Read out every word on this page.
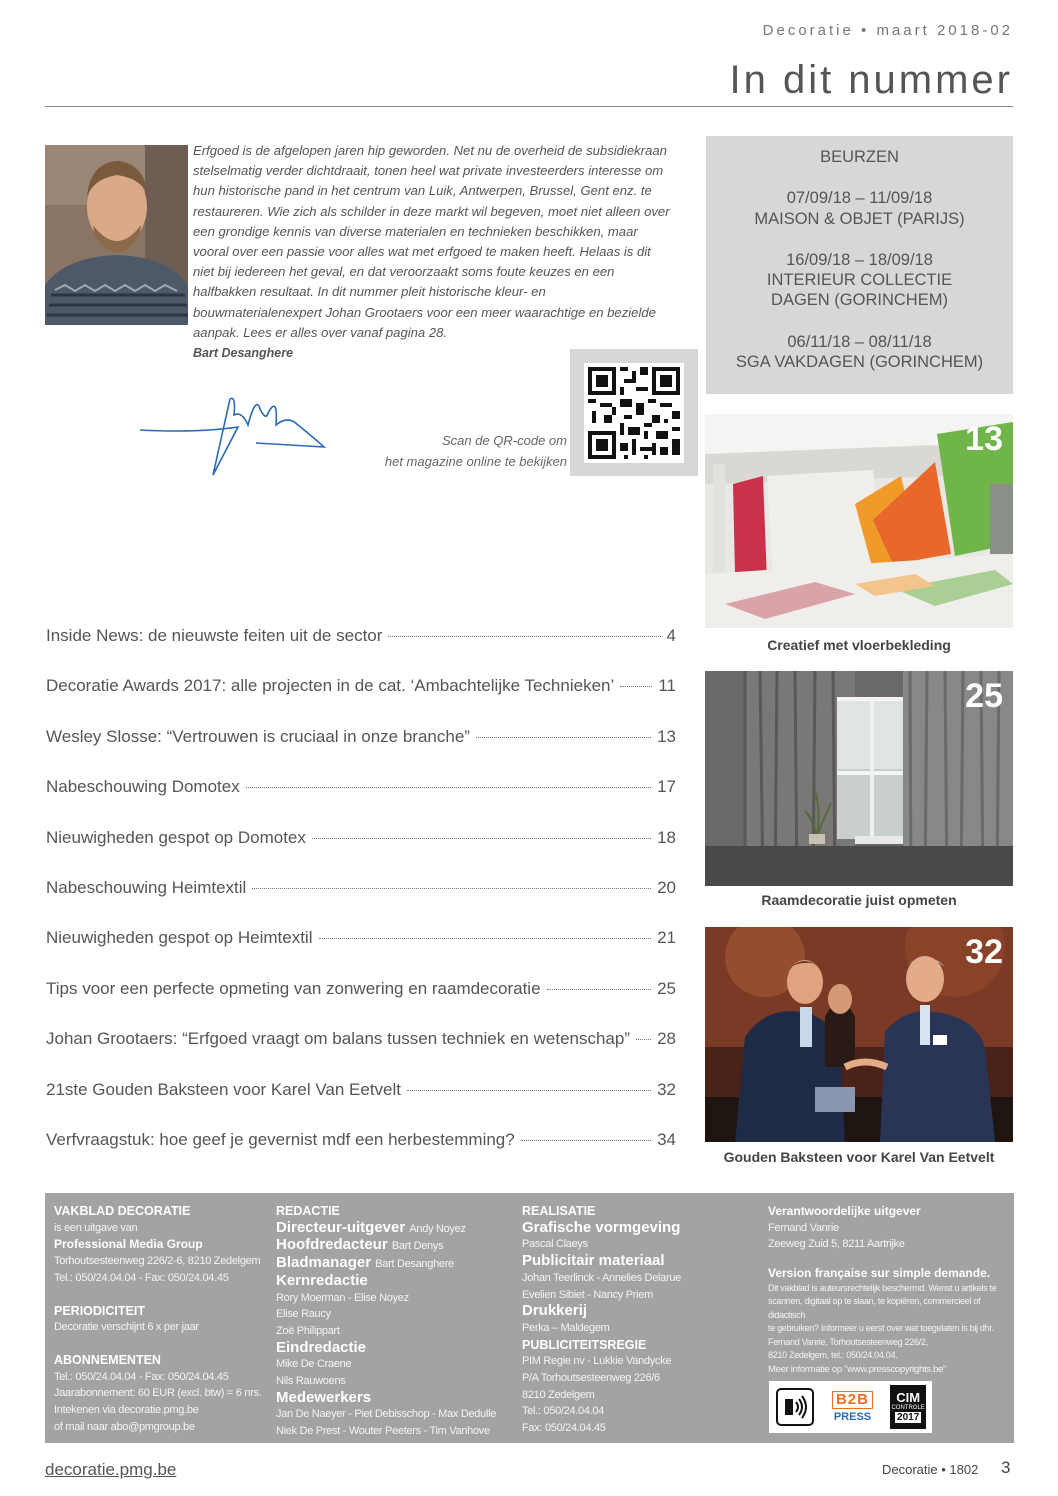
Decoratie • maart 2018-02
In dit nummer
Erfgoed is de afgelopen jaren hip geworden. Net nu de overheid de subsidiekraan stelselmatig verder dichtdraait, tonen heel wat private investeerders interesse om hun historische pand in het centrum van Luik, Antwerpen, Brussel, Gent enz. te restaureren. Wie zich als schilder in deze markt wil begeven, moet niet alleen over een grondige kennis van diverse materialen en technieken beschikken, maar vooral over een passie voor alles wat met erfgoed te maken heeft. Helaas is dit niet bij iedereen het geval, en dat veroorzaakt soms foute keuzes en een halfbakken resultaat. In dit nummer pleit historische kleur- en bouwmaterialenexpert Johan Grootaers voor een meer waarachtige en bezielde aanpak. Lees er alles over vanaf pagina 28.
Bart Desanghere
Scan de QR-code om
het magazine online te bekijken
BEURZEN
07/09/18 – 11/09/18
MAISON & OBJET (PARIJS)
16/09/18 – 18/09/18
INTERIEUR COLLECTIE DAGEN (GORINCHEM)
06/11/18 – 08/11/18
SGA VAKDAGEN (GORINCHEM)
13
Creatief met vloerbekleding
25
Raamdecoratie juist opmeten
32
Gouden Baksteen voor Karel Van Eetvelt
Inside News: de nieuwste feiten uit de sector	4
Decoratie Awards 2017: alle projecten in de cat. ‘Ambachtelijke Technieken’	11
Wesley Slosse: “Vertrouwen is cruciaal in onze branche”	13
Nabeschouwing Domotex	17
Nieuwigheden gespot op Domotex	18
Nabeschouwing Heimtextil	20
Nieuwigheden gespot op Heimtextil	21
Tips voor een perfecte opmeting van zonwering en raamdecoratie	25
Johan Grootaers: “Erfgoed vraagt om balans tussen techniek en wetenschap” 28
21ste Gouden Baksteen voor Karel Van Eetvelt	32
Verfvraagstuk: hoe geef je gevernist mdf een herbestemming?	34
VAKBLAD DECORATIE
is een uitgave van
Professional Media Group
Torhoutsesteenweg 226/2-6, 8210 Zedelgem
Tel.: 050/24.04.04 - Fax: 050/24.04.45
PERIODICITEIT
Decoratie verschijnt 6 x per jaar
ABONNEMENTEN
Tel.: 050/24.04.04 - Fax: 050/24.04.45
Jaarabonnement: 60 EUR (excl. btw) = 6 nrs.
Intekenen via decoratie.pmg.be
of mail naar abo@pmgroup.be
REDACTIE
Directeur-uitgever Andy Noyez
Hoofdredacteur Bart Denys
Bladmanager Bart Desanghere
Kernredactie
Rory Moerman - Elise Noyez
Elise Raucy
Zoë Philippart
Eindredactie
Mike De Craene
Nils Rauwoens
Medewerkers
Jan De Naeyer - Piet Debisschop - Max Dedulle
Niek De Prest - Wouter Peeters - Tim Vanhove
REALISATIE
Grafische vormgeving
Pascal Claeys
Publicitair materiaal
Johan Teerlinck - Annelies Delarue
Evelien Sibiet - Nancy Priem
Drukkerij
Perka – Maldegem
PUBLICITEITSREGIE
PIM Regie nv - Lukkie Vandycke
P/A Torhoutsesteenweg 226/6
8210 Zedelgem
Tel.: 050/24.04.04
Fax: 050/24.04.45
Verantwoordelijke uitgever
Fernand Vanrie
Zeeweg Zuid 5, 8211 Aartrijke
Version française sur simple demande.
Dit vakblad is auteursrechtelijk beschermd. Wenst u artikels te
scannen, digitaal op te slaan, te kopiëren, commercieel of didactisch
te gebruiken? Informeer u eerst over wat toegelaten is bij dhr.
Fernand Vanrie, Torhoutsesteenweg 226/2,
8210 Zedelgem, tel.: 050/24.04.04.
Meer informatie op "www.presscopyrights.be"
B2B
PRESS
CIM
CONTROLE
2017
decoratie.pmg.be	Decoratie • 1802 3
